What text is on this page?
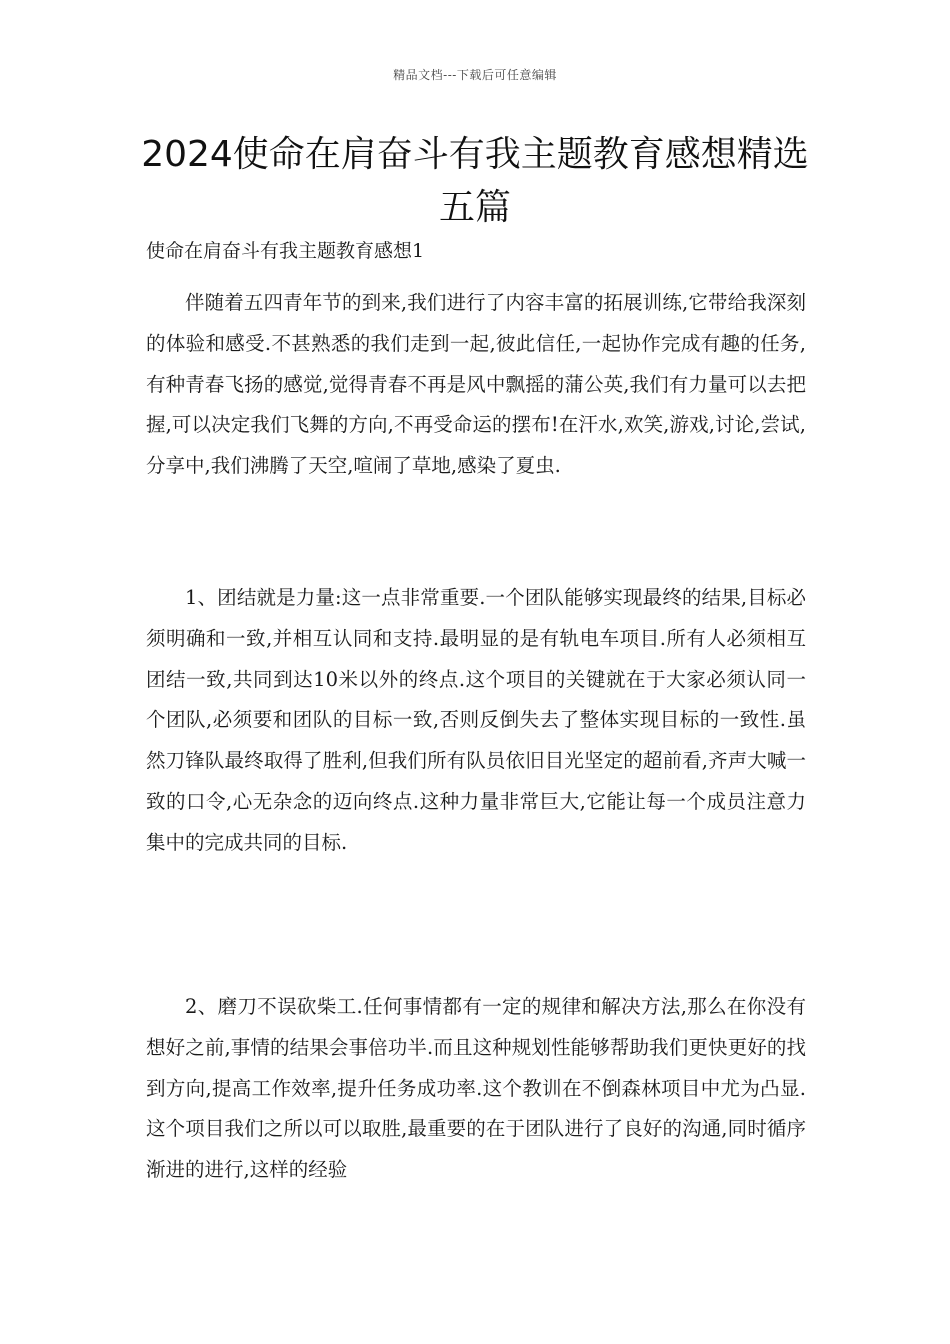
精品文档---下载后可任意编辑
2024使命在肩奋斗有我主题教育感想精选五篇

使命在肩奋斗有我主题教育感想1

伴随着五四青年节的到来,我们进行了内容丰富的拓展训练,它带给我深刻的体验和感受.不甚熟悉的我们走到一起,彼此信任,一起协作完成有趣的任务,有种青春飞扬的感觉,觉得青春不再是风中飘摇的蒲公英,我们有力量可以去把握,可以决定我们飞舞的方向,不再受命运的摆布!在汗水,欢笑,游戏,讨论,尝试,分享中,我们沸腾了天空,喧闹了草地,感染了夏虫.

1、团结就是力量:这一点非常重要.一个团队能够实现最终的结果,目标必须明确和一致,并相互认同和支持.最明显的是有轨电车项目.所有人必须相互团结一致,共同到达10米以外的终点.这个项目的关键就在于大家必须认同一个团队,必须要和团队的目标一致,否则反倒失去了整体实现目标的一致性.虽然刀锋队最终取得了胜利,但我们所有队员依旧目光坚定的超前看,齐声大喊一致的口令,心无杂念的迈向终点.这种力量非常巨大,它能让每一个成员注意力集中的完成共同的目标.

2、磨刀不误砍柴工.任何事情都有一定的规律和解决方法,那么在你没有想好之前,事情的结果会事倍功半.而且这种规划性能够帮助我们更快更好的找到方向,提高工作效率,提升任务成功率.这个教训在不倒森林项目中尤为凸显.这个项目我们之所以可以取胜,最重要的在于团队进行了良好的沟通,同时循序渐进的进行,这样的经验
